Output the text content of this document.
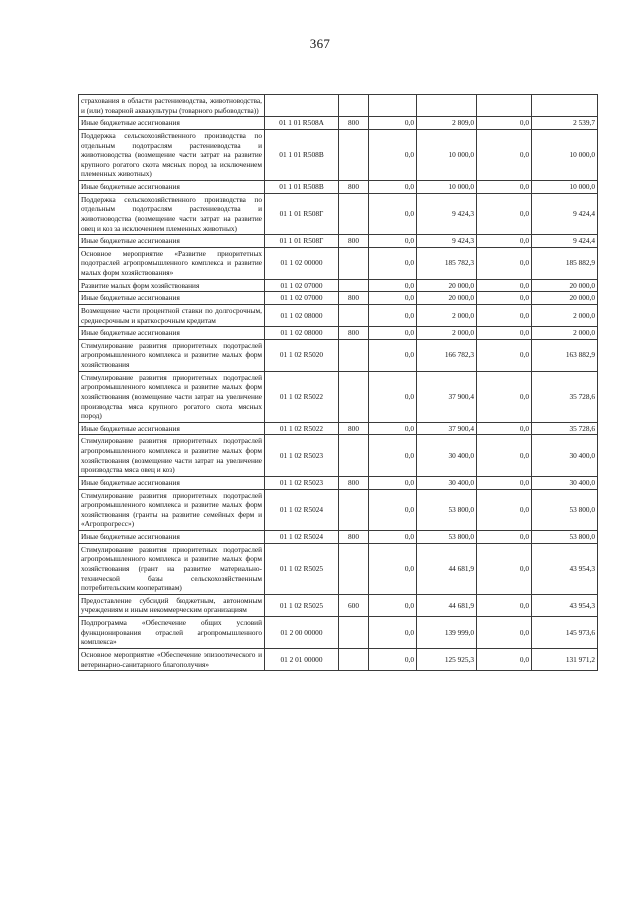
367
страхования в области растениеводства, животноводства, и (или) товарной аквакультуры (товарного рыбоводства))						
Иные бюджетные ассигнования	01 1 01 R508А	800	0,0	2 809,0	0,0	2 539,7
Поддержка сельскохозяйственного производства по отдельным подотраслям растениеводства и животноводства (возмещение части затрат на развитие крупного рогатого скота мясных пород за исключением племенных животных)	01 1 01 R508В		0,0	10 000,0	0,0	10 000,0
Иные бюджетные ассигнования	01 1 01 R508В	800	0,0	10 000,0	0,0	10 000,0
Поддержка сельскохозяйственного производства по отдельным подотраслям растениеводства и животноводства (возмещение части затрат на развитие овец и коз за исключением племенных животных)	01 1 01 R508Г		0,0	9 424,3	0,0	9 424,4
Иные бюджетные ассигнования	01 1 01 R508Г	800	0,0	9 424,3	0,0	9 424,4
Основное мероприятие «Развитие приоритетных подотраслей агропромышленного комплекса и развитие малых форм хозяйствования»	01 1 02 00000		0,0	185 782,3	0,0	185 882,9
Развитие малых форм хозяйствования	01 1 02 07000		0,0	20 000,0	0,0	20 000,0
Иные бюджетные ассигнования	01 1 02 07000	800	0,0	20 000,0	0,0	20 000,0
Возмещение части процентной ставки по долгосрочным, среднесрочным и краткосрочным кредитам	01 1 02 08000		0,0	2 000,0	0,0	2 000,0
Иные бюджетные ассигнования	01 1 02 08000	800	0,0	2 000,0	0,0	2 000,0
Стимулирование развития приоритетных подотраслей агропромышленного комплекса и развитие малых форм хозяйствования	01 1 02 R5020		0,0	166 782,3	0,0	163 882,9
Стимулирование развития приоритетных подотраслей агропромышленного комплекса и развитие малых форм хозяйствования (возмещение части затрат на увеличение производства мяса крупного рогатого скота мясных пород)	01 1 02 R5022		0,0	37 900,4	0,0	35 728,6
Иные бюджетные ассигнования	01 1 02 R5022	800	0,0	37 900,4	0,0	35 728,6
Стимулирование развития приоритетных подотраслей агропромышленного комплекса и развитие малых форм хозяйствования (возмещение части затрат на увеличение производства мяса овец и коз)	01 1 02 R5023		0,0	30 400,0	0,0	30 400,0
Иные бюджетные ассигнования	01 1 02 R5023	800	0,0	30 400,0	0,0	30 400,0
Стимулирование развития приоритетных подотраслей агропромышленного комплекса и развитие малых форм хозяйствования (гранты на развитие семейных ферм и «Агропрогресс»)	01 1 02 R5024		0,0	53 800,0	0,0	53 800,0
Иные бюджетные ассигнования	01 1 02 R5024	800	0,0	53 800,0	0,0	53 800,0
Стимулирование развития приоритетных подотраслей агропромышленного комплекса и развитие малых форм хозяйствования (грант на развитие материально-технической базы сельскохозяйственным потребительским кооперативам)	01 1 02 R5025		0,0	44 681,9	0,0	43 954,3
Предоставление субсидий бюджетным, автономным учреждениям и иным некоммерческим организациям	01 1 02 R5025	600	0,0	44 681,9	0,0	43 954,3
Подпрограмма «Обеспечение общих условий функционирования отраслей агропромышленного комплекса»	01 2 00 00000		0,0	139 999,0	0,0	145 973,6
Основное мероприятие «Обеспечение эпизоотического и ветеринарно-санитарного благополучия»	01 2 01 00000		0,0	125 925,3	0,0	131 971,2
